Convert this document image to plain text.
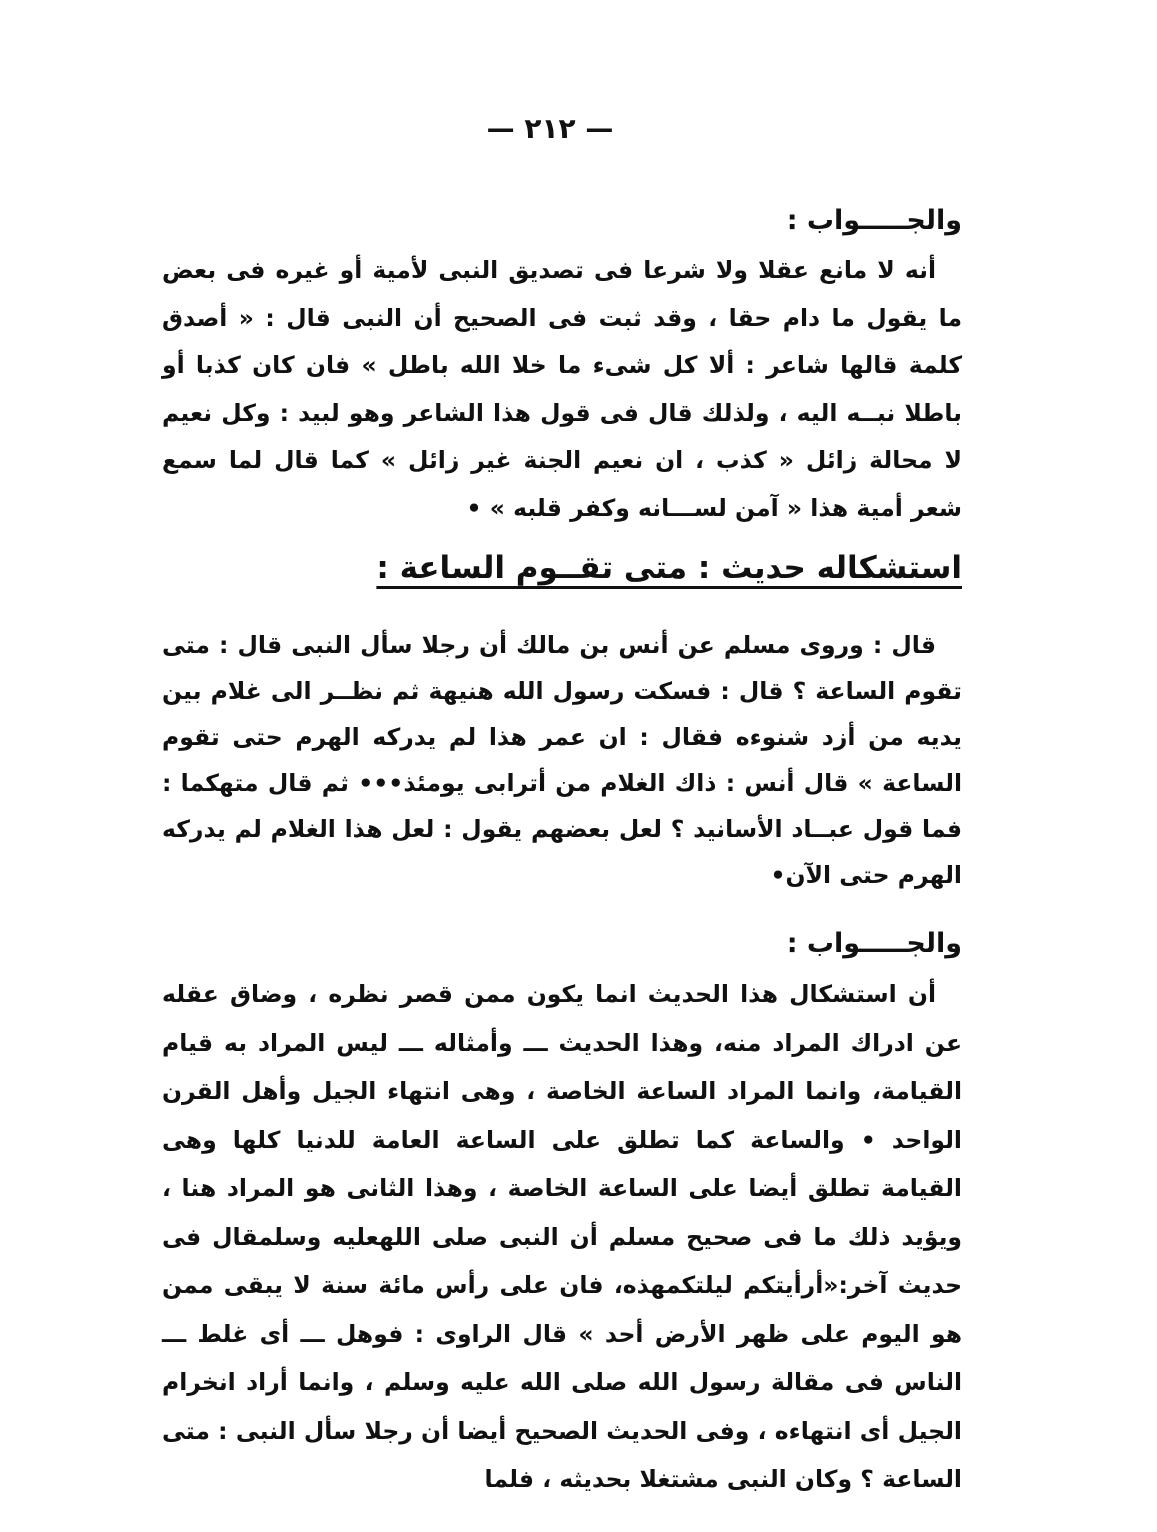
— ٢١٢ —
والجـــــواب :

أنه لا مانع عقلا ولا شرعا فى تصديق النبى لأمية أو غيره فى بعض ما يقول ما دام حقا ، وقد ثبت فى الصحيح أن النبى قال : « أصدق كلمة قالها شاعر : ألا كل شىء ما خلا الله باطل » فان كان كذبا أو باطلا نبــه اليه ، ولذلك قال فى قول هذا الشاعر وهو لبيد : وكل نعيم لا محالة زائل « كذب ، ان نعيم الجنة غير زائل » كما قال لما سمع شعر أمية هذا « آمن لســـانه وكفر قلبه » •

استشكاله حديث : متى تقــوم الساعة :

قال : وروى مسلم عن أنس بن مالك أن رجلا سأل النبى قال : متى تقوم الساعة ؟ قال : فسكت رسول الله هنيهة ثم نظــر الى غلام بين يديه من أزد شنوءه فقال : ان عمر هذا لم يدركه الهرم حتى تقوم الساعة » قال أنس : ذاك الغلام من أترابى يومئذ••• ثم قال متهكما : فما قول عبــاد الأسانيد ؟ لعل بعضهم يقول : لعل هذا الغلام لم يدركه الهرم حتى الآن•

والجـــــواب :

أن استشكال هذا الحديث انما يكون ممن قصر نظره ، وضاق عقله عن ادراك المراد منه، وهذا الحديث ـــ وأمثاله ـــ ليس المراد به قيام القيامة، وانما المراد الساعة الخاصة ، وهى انتهاء الجيل وأهل القرن الواحد • والساعة كما تطلق على الساعة العامة للدنيا كلها وهى القيامة تطلق أيضا على الساعة الخاصة ، وهذا الثانى هو المراد هنا ، ويؤيد ذلك ما فى صحيح مسلم أن النبى صلى اللهعليه وسلمقال فى حديث آخر:«أرأيتكم ليلتكمهذه، فان على رأس مائة سنة لا يبقى ممن هو اليوم على ظهر الأرض أحد » قال الراوى : فوهل ـــ أى غلط ـــ الناس فى مقالة رسول الله صلى الله عليه وسلم ، وانما أراد انخرام الجيل أى انتهاءه ، وفى الحديث الصحيح أيضا أن رجلا سأل النبى : متى الساعة ؟ وكان النبى مشتغلا بحديثه ، فلما
